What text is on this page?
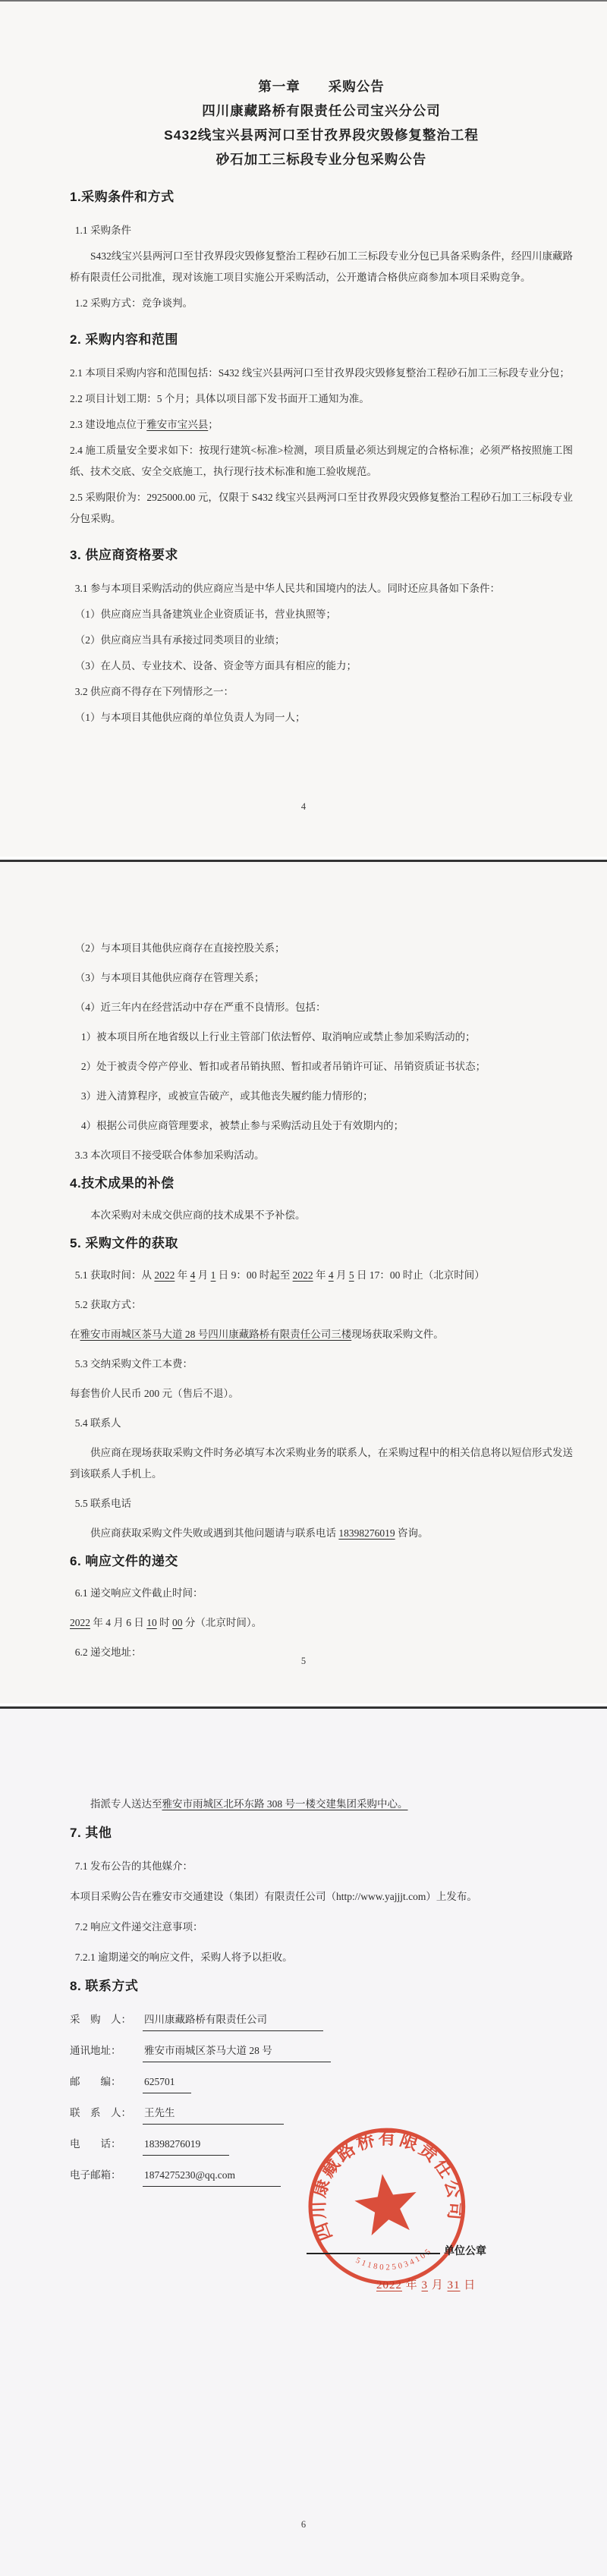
第一章　　采购公告
四川康藏路桥有限责任公司宝兴分公司
S432线宝兴县两河口至甘孜界段灾毁修复整治工程
砂石加工三标段专业分包采购公告
1.采购条件和方式
1.1 采购条件
S432线宝兴县两河口至甘孜界段灾毁修复整治工程砂石加工三标段专业分包已具备采购条件，经四川康藏路桥有限责任公司批准，现对该施工项目实施公开采购活动，公开邀请合格供应商参加本项目采购竞争。
1.2 采购方式：竞争谈判。
2. 采购内容和范围
2.1 本项目采购内容和范围包括：S432 线宝兴县两河口至甘孜界段灾毁修复整治工程砂石加工三标段专业分包；
2.2 项目计划工期：5 个月；具体以项目部下发书面开工通知为准。
2.3 建设地点位于雅安市宝兴县；
2.4 施工质量安全要求如下：按现行建筑<标准>检测，项目质量必须达到规定的合格标准；必须严格按照施工图纸、技术交底、安全交底施工，执行现行技术标准和施工验收规范。
2.5 采购限价为：2925000.00 元，仅限于 S432 线宝兴县两河口至甘孜界段灾毁修复整治工程砂石加工三标段专业分包采购。
3. 供应商资格要求
3.1 参与本项目采购活动的供应商应当是中华人民共和国境内的法人。同时还应具备如下条件：
（1）供应商应当具备建筑业企业资质证书，营业执照等；
（2）供应商应当具有承接过同类项目的业绩；
（3）在人员、专业技术、设备、资金等方面具有相应的能力；
3.2 供应商不得存在下列情形之一：
（1）与本项目其他供应商的单位负责人为同一人；
4
（2）与本项目其他供应商存在直接控股关系；
（3）与本项目其他供应商存在管理关系；
（4）近三年内在经营活动中存在严重不良情形。包括：
1）被本项目所在地省级以上行业主管部门依法暂停、取消响应或禁止参加采购活动的；
2）处于被责令停产停业、暂扣或者吊销执照、暂扣或者吊销许可证、吊销资质证书状态；
3）进入清算程序，或被宣告破产，或其他丧失履约能力情形的；
4）根据公司供应商管理要求，被禁止参与采购活动且处于有效期内的；
3.3 本次项目不接受联合体参加采购活动。
4.技术成果的补偿
本次采购对未成交供应商的技术成果不予补偿。
5. 采购文件的获取
5.1 获取时间：从 2022 年 4 月 1 日 9：00 时起至 2022 年 4 月 5 日 17：00 时止（北京时间）
5.2 获取方式：
在雅安市雨城区茶马大道 28 号四川康藏路桥有限责任公司三楼现场获取采购文件。
5.3 交纳采购文件工本费：
每套售价人民币 200 元（售后不退）。
5.4 联系人
供应商在现场获取采购文件时务必填写本次采购业务的联系人，在采购过程中的相关信息将以短信形式发送到该联系人手机上。
5.5 联系电话
供应商获取采购文件失败或遇到其他问题请与联系电话 18398276019 咨询。
6. 响应文件的递交
6.1 递交响应文件截止时间：
2022 年 4 月 6 日 10 时 00 分（北京时间）。
6.2 递交地址：
5
指派专人送达至雅安市雨城区北环东路 308 号一楼交建集团采购中心。
7. 其他
7.1 发布公告的其他媒介：
本项目采购公告在雅安市交通建设（集团）有限责任公司（http://www.yajjjt.com）上发布。
7.2 响应文件递交注意事项：
7.2.1 逾期递交的响应文件，采购人将予以拒收。
8. 联系方式
采　购　人： 四川康藏路桥有限责任公司
通讯地址： 雅安市雨城区茶马大道 28 号
邮　　编： 625701
联　系　人： 王先生
电　　话： 18398276019
电子邮箱： 1874275230@qq.com
四川康藏路桥有限责任公司
5118025034105 单位公章
2022 年 3 月 31 日
6
